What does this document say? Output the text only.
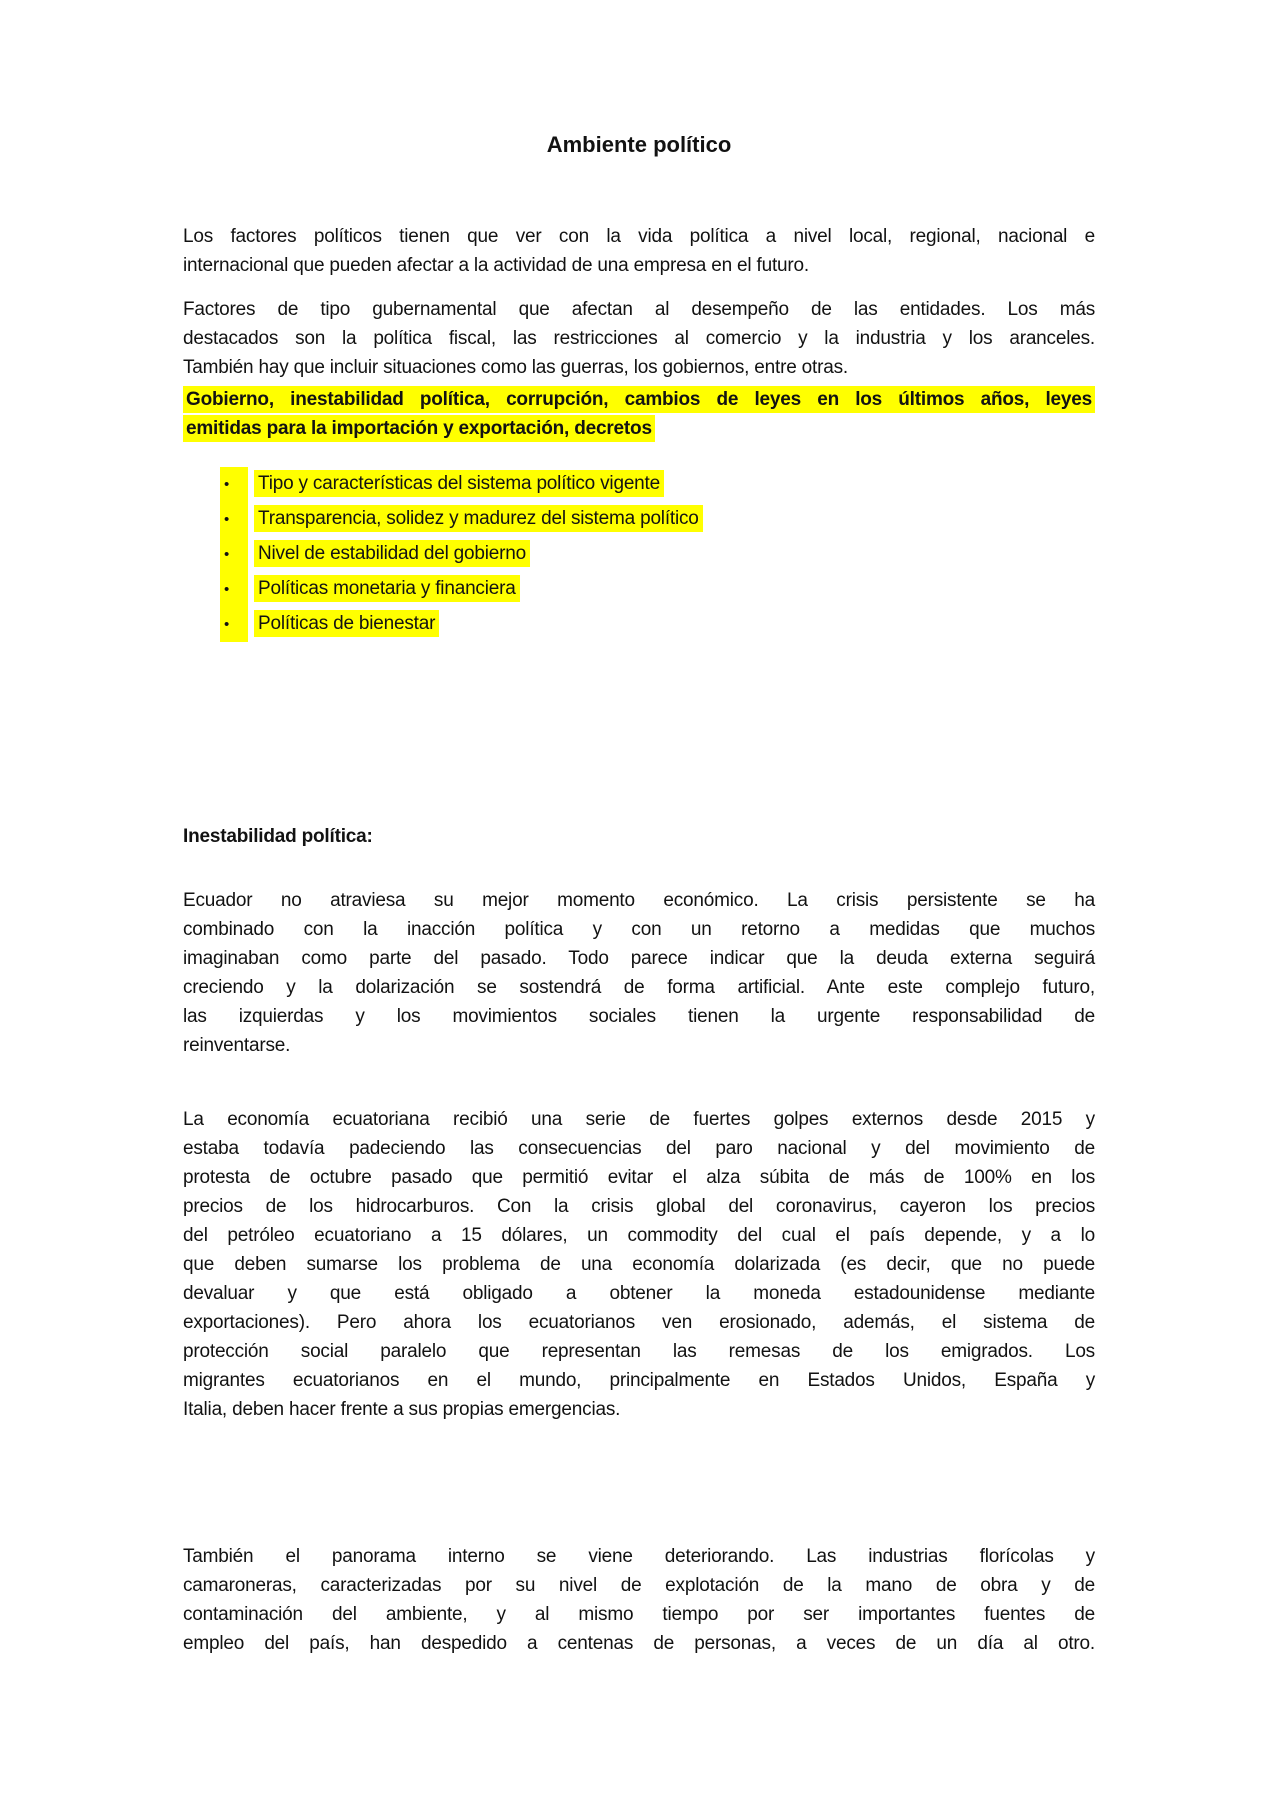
Ambiente político
Los factores políticos tienen que ver con la vida política a nivel local, regional, nacional e
internacional que pueden afectar a la actividad de una empresa en el futuro.
Factores de tipo gubernamental que afectan al desempeño de las entidades. Los más
destacados son la política fiscal, las restricciones al comercio y la industria y los aranceles.
También hay que incluir situaciones como las guerras, los gobiernos, entre otras.
Gobierno, inestabilidad política, corrupción, cambios de leyes en los últimos años, leyes
emitidas para la importación y exportación, decretos
• Tipo y características del sistema político vigente
• Transparencia, solidez y madurez del sistema político
• Nivel de estabilidad del gobierno
• Políticas monetaria y financiera
• Políticas de bienestar
Inestabilidad política:
Ecuador no atraviesa su mejor momento económico. La crisis persistente se ha
combinado con la inacción política y con un retorno a medidas que muchos
imaginaban como parte del pasado. Todo parece indicar que la deuda externa seguirá
creciendo y la dolarización se sostendrá de forma artificial. Ante este complejo futuro,
las izquierdas y los movimientos sociales tienen la urgente responsabilidad de
reinventarse.
La economía ecuatoriana recibió una serie de fuertes golpes externos desde 2015 y
estaba todavía padeciendo las consecuencias del paro nacional y del movimiento de
protesta de octubre pasado que permitió evitar el alza súbita de más de 100% en los
precios de los hidrocarburos. Con la crisis global del coronavirus, cayeron los precios
del petróleo ecuatoriano a 15 dólares, un commodity del cual el país depende, y a lo
que deben sumarse los problema de una economía dolarizada (es decir, que no puede
devaluar y que está obligado a obtener la moneda estadounidense mediante
exportaciones). Pero ahora los ecuatorianos ven erosionado, además, el sistema de
protección social paralelo que representan las remesas de los emigrados. Los
migrantes ecuatorianos en el mundo, principalmente en Estados Unidos, España y
Italia, deben hacer frente a sus propias emergencias.
También el panorama interno se viene deteriorando. Las industrias florícolas y
camaroneras, caracterizadas por su nivel de explotación de la mano de obra y de
contaminación del ambiente, y al mismo tiempo por ser importantes fuentes de
empleo del país, han despedido a centenas de personas, a veces de un día al otro.
